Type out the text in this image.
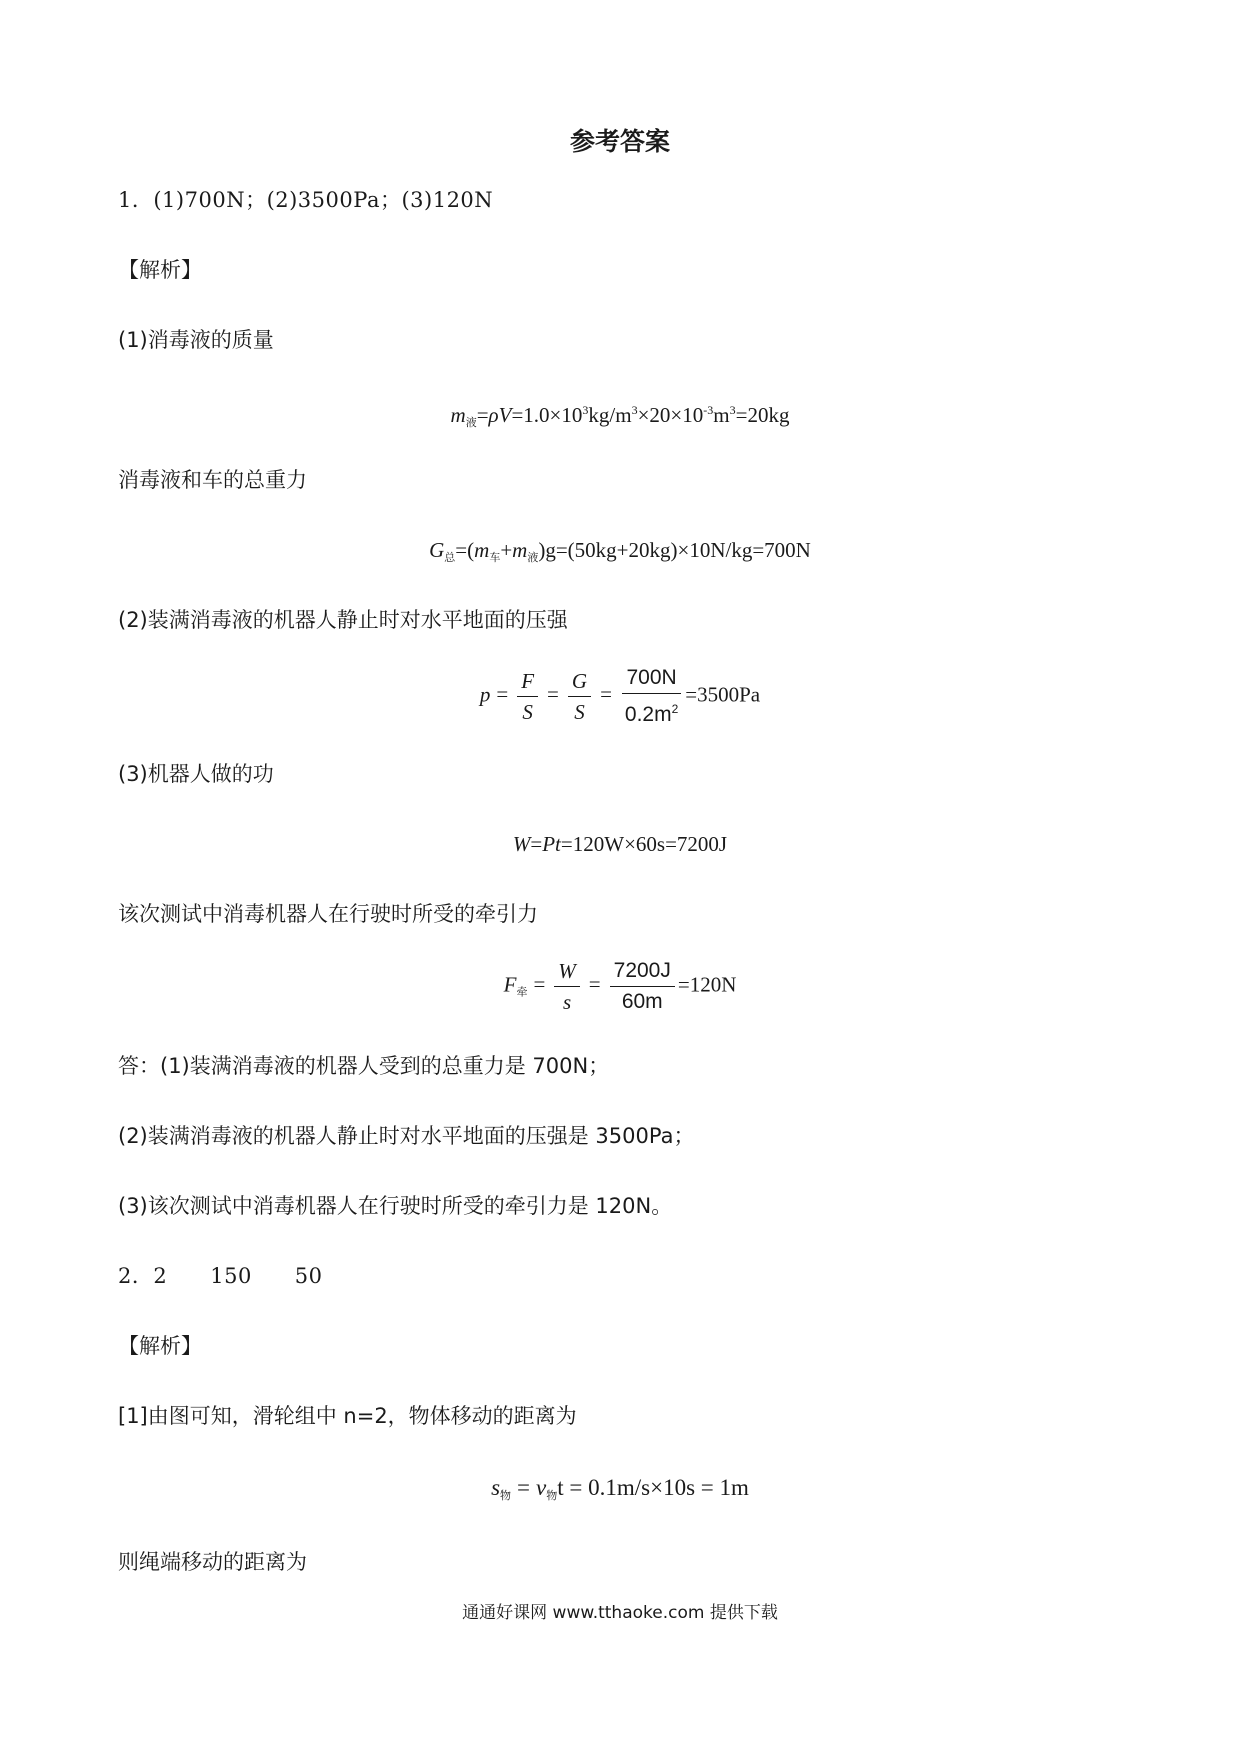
参考答案
1．(1)700N；(2)3500Pa；(3)120N
【解析】
(1)消毒液的质量
$m_液=\rho V=1.0\times 10^3kg/m^3\times 20\times 10^{-3}m^3=20kg$
消毒液和车的总重力
$G_总=(m_车+m_液)g=(50kg+20kg)\times 10N/kg=700N$
(2)装满消毒液的机器人静止时对水平地面的压强
$p = \frac{F}{S} = \frac{G}{S} = \frac{700N}{0.2m^2} =3500Pa$
(3)机器人做的功
W=Pt=120W×60s=7200J
该次测试中消毒机器人在行驶时所受的牵引力
$F_牵 = \frac{W}{s} = \frac{7200J}{60m} =120N$
答：(1)装满消毒液的机器人受到的总重力是 700N；
(2)装满消毒液的机器人静止时对水平地面的压强是 3500Pa；
(3)该次测试中消毒机器人在行驶时所受的牵引力是 120N。
2．2　　150　　50
【解析】
[1]由图可知，滑轮组中 n=2，物体移动的距离为
$s_物 = v_物t = 0.1m/s\times 10s = 1m$
则绳端移动的距离为
通通好课网 www.tthaoke.com 提供下载
